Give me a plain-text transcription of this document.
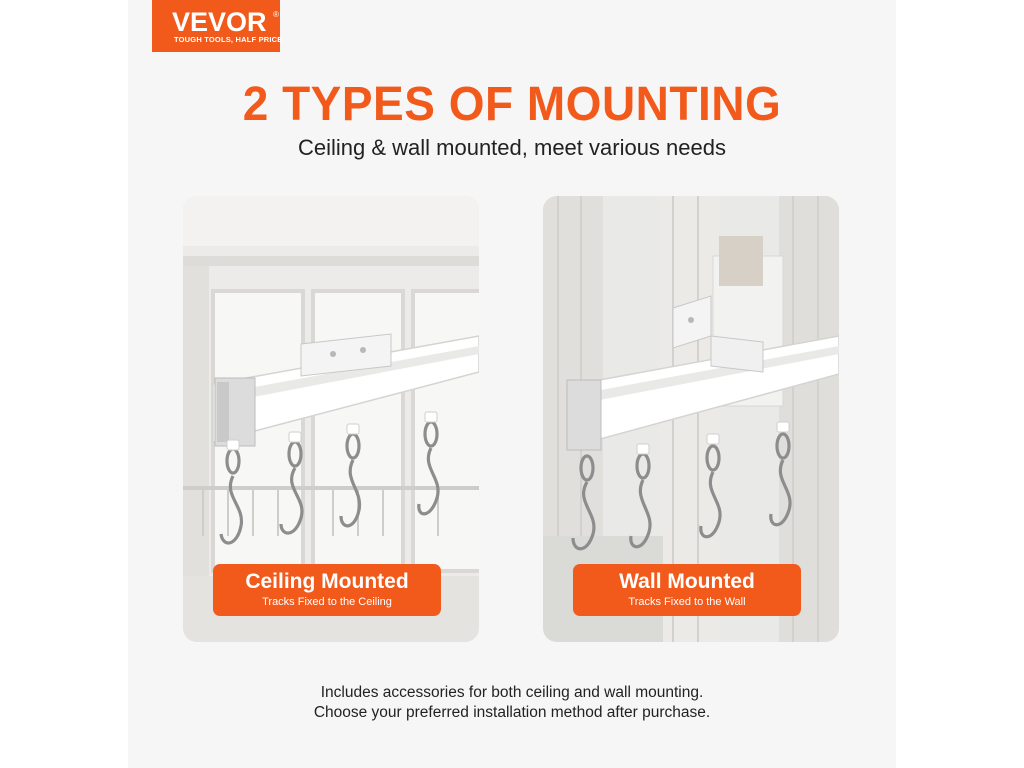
VEVOR ®
TOUGH TOOLS, HALF PRICE
2 TYPES OF MOUNTING
Ceiling & wall mounted, meet various needs
Ceiling Mounted
Tracks Fixed to the Ceiling
Wall Mounted
Tracks Fixed to the Wall
Includes accessories for both ceiling and wall mounting.
Choose your preferred installation method after purchase.
